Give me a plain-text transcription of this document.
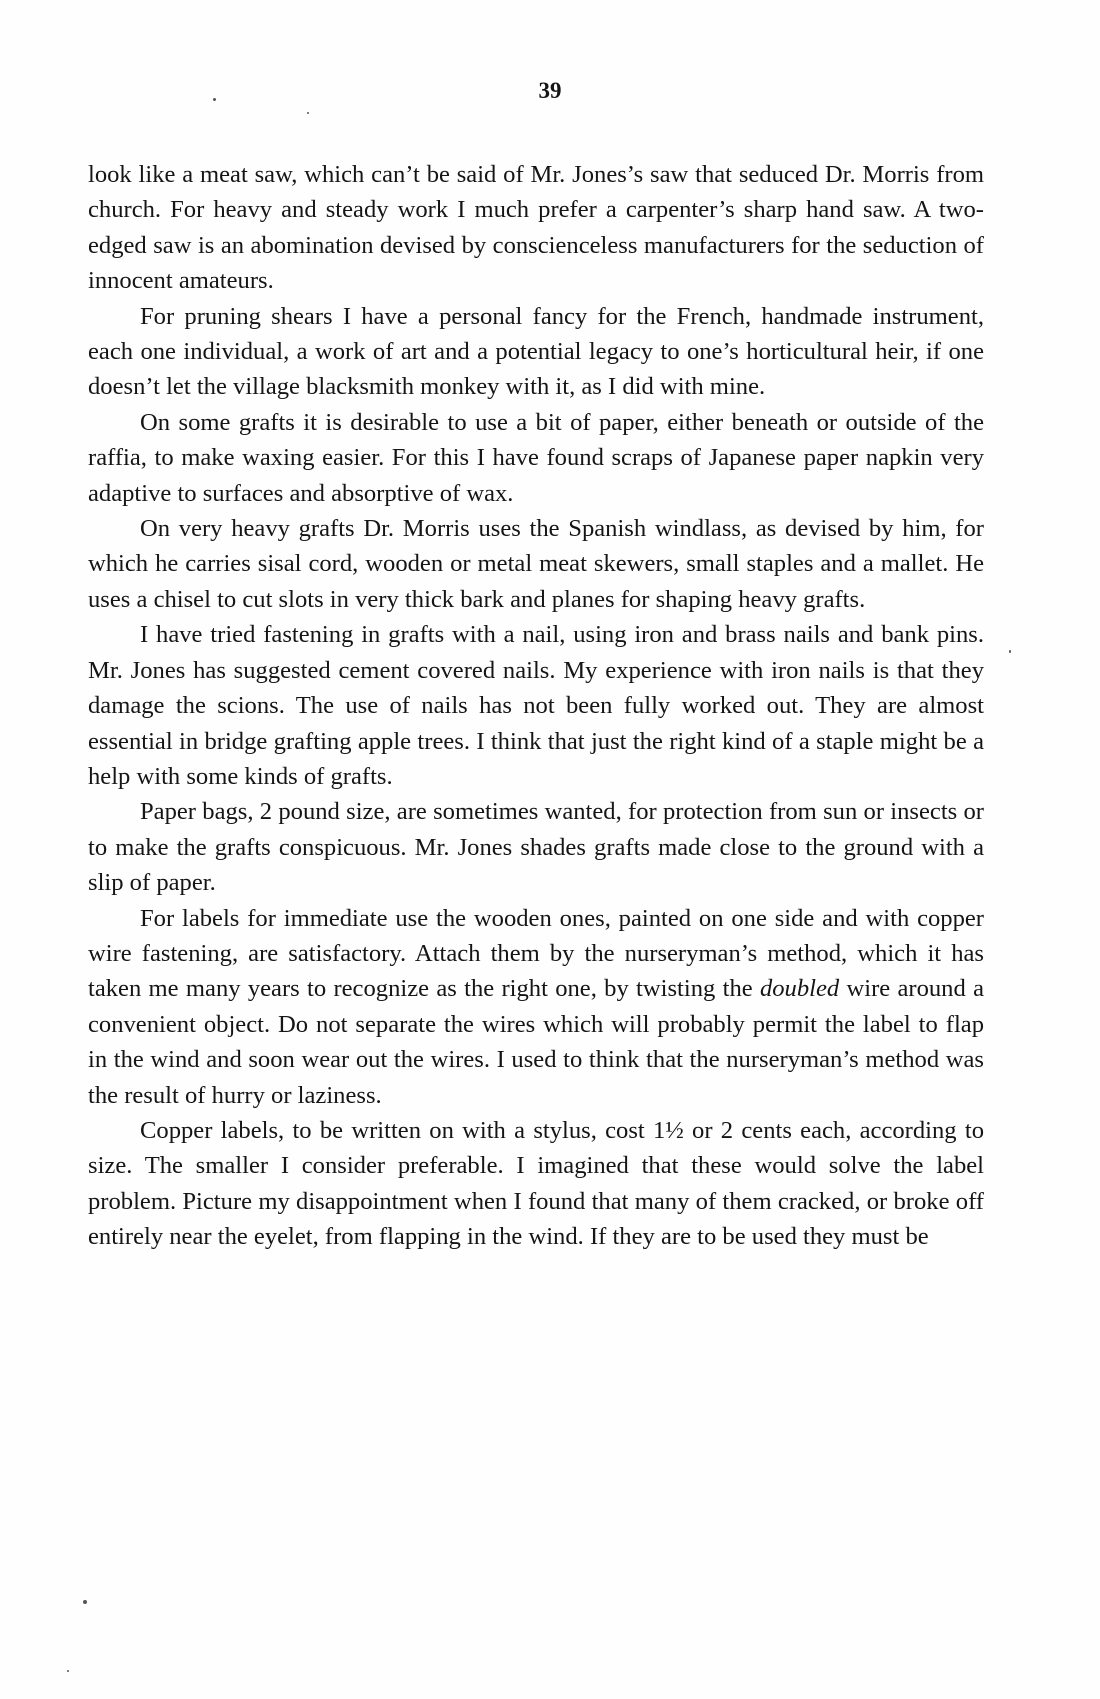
39

look like a meat saw, which can’t be said of Mr. Jones’s saw that seduced Dr. Morris from church. For heavy and steady work I much prefer a carpenter’s sharp hand saw. A two-edged saw is an abomination devised by conscienceless manufacturers for the seduction of innocent amateurs.

For pruning shears I have a personal fancy for the French, handmade instrument, each one individual, a work of art and a potential legacy to one’s horticultural heir, if one doesn’t let the village blacksmith monkey with it, as I did with mine.

On some grafts it is desirable to use a bit of paper, either beneath or outside of the raffia, to make waxing easier. For this I have found scraps of Japanese paper napkin very adaptive to surfaces and absorptive of wax.

On very heavy grafts Dr. Morris uses the Spanish windlass, as devised by him, for which he carries sisal cord, wooden or metal meat skewers, small staples and a mallet. He uses a chisel to cut slots in very thick bark and planes for shaping heavy grafts.

I have tried fastening in grafts with a nail, using iron and brass nails and bank pins. Mr. Jones has suggested cement covered nails. My experience with iron nails is that they damage the scions. The use of nails has not been fully worked out. They are almost essential in bridge grafting apple trees. I think that just the right kind of a staple might be a help with some kinds of grafts.

Paper bags, 2 pound size, are sometimes wanted, for protection from sun or insects or to make the grafts conspicuous. Mr. Jones shades grafts made close to the ground with a slip of paper.

For labels for immediate use the wooden ones, painted on one side and with copper wire fastening, are satisfactory. Attach them by the nurseryman’s method, which it has taken me many years to recognize as the right one, by twisting the doubled wire around a convenient object. Do not separate the wires which will probably permit the label to flap in the wind and soon wear out the wires. I used to think that the nurseryman’s method was the result of hurry or laziness.

Copper labels, to be written on with a stylus, cost 1½ or 2 cents each, according to size. The smaller I consider preferable. I imagined that these would solve the label problem. Picture my disappointment when I found that many of them cracked, or broke off entirely near the eyelet, from flapping in the wind. If they are to be used they must be
